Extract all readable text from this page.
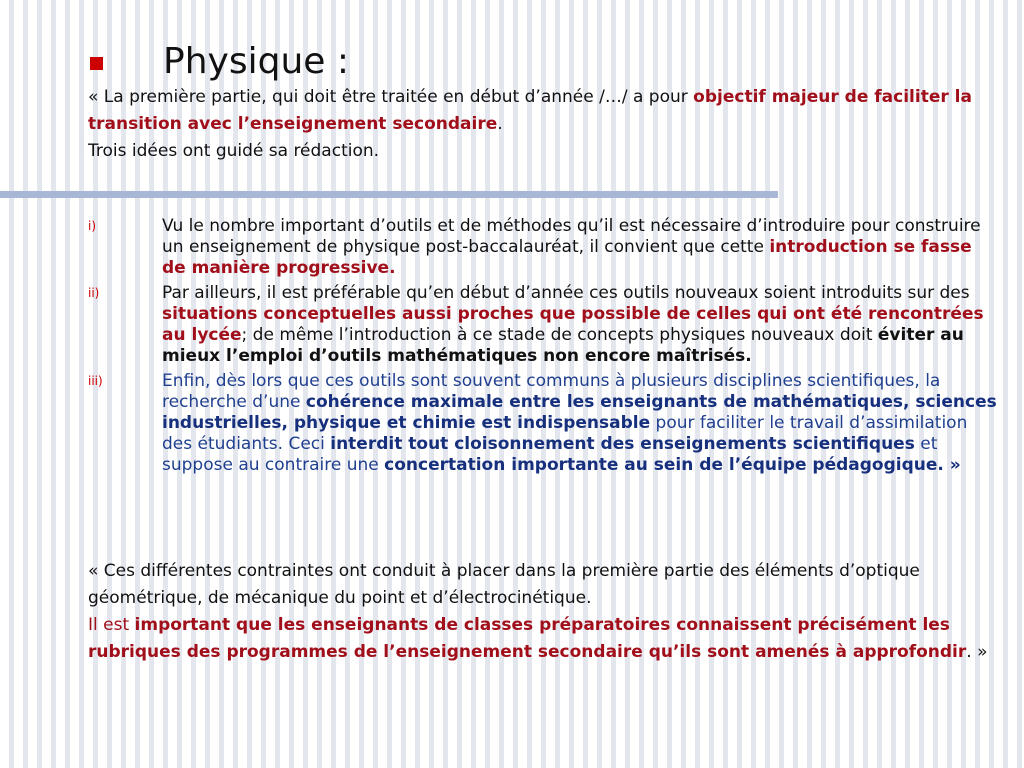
Physique :

« La première partie, qui doit être traitée en début d’année /…/ a pour objectif majeur de faciliter la transition avec l’enseignement secondaire.

Trois idées ont guidé sa rédaction.

i)	Vu le nombre important d’outils et de méthodes qu’il est nécessaire d’introduire pour construire un enseignement de physique post-baccalauréat, il convient que cette introduction se fasse de manière progressive.
ii)	Par ailleurs, il est préférable qu’en début d’année ces outils nouveaux soient introduits sur des situations conceptuelles aussi proches que possible de celles qui ont été rencontrées au lycée; de même l’introduction à ce stade de concepts physiques nouveaux doit éviter au mieux l’emploi d’outils mathématiques non encore maîtrisés.
iii)	Enfin, dès lors que ces outils sont souvent communs à plusieurs disciplines scientifiques, la recherche d’une cohérence maximale entre les enseignants de mathématiques, sciences industrielles, physique et chimie est indispensable pour faciliter le travail d’assimilation des étudiants. Ceci interdit tout cloisonnement des enseignements scientifiques et suppose au contraire une concertation importante au sein de l’équipe pédagogique. »

« Ces différentes contraintes ont conduit à placer dans la première partie des éléments d’optique géométrique, de mécanique du point et d’électrocinétique.

Il est important que les enseignants de classes préparatoires connaissent précisément les rubriques des programmes de l’enseignement secondaire qu’ils sont amenés à approfondir. »
